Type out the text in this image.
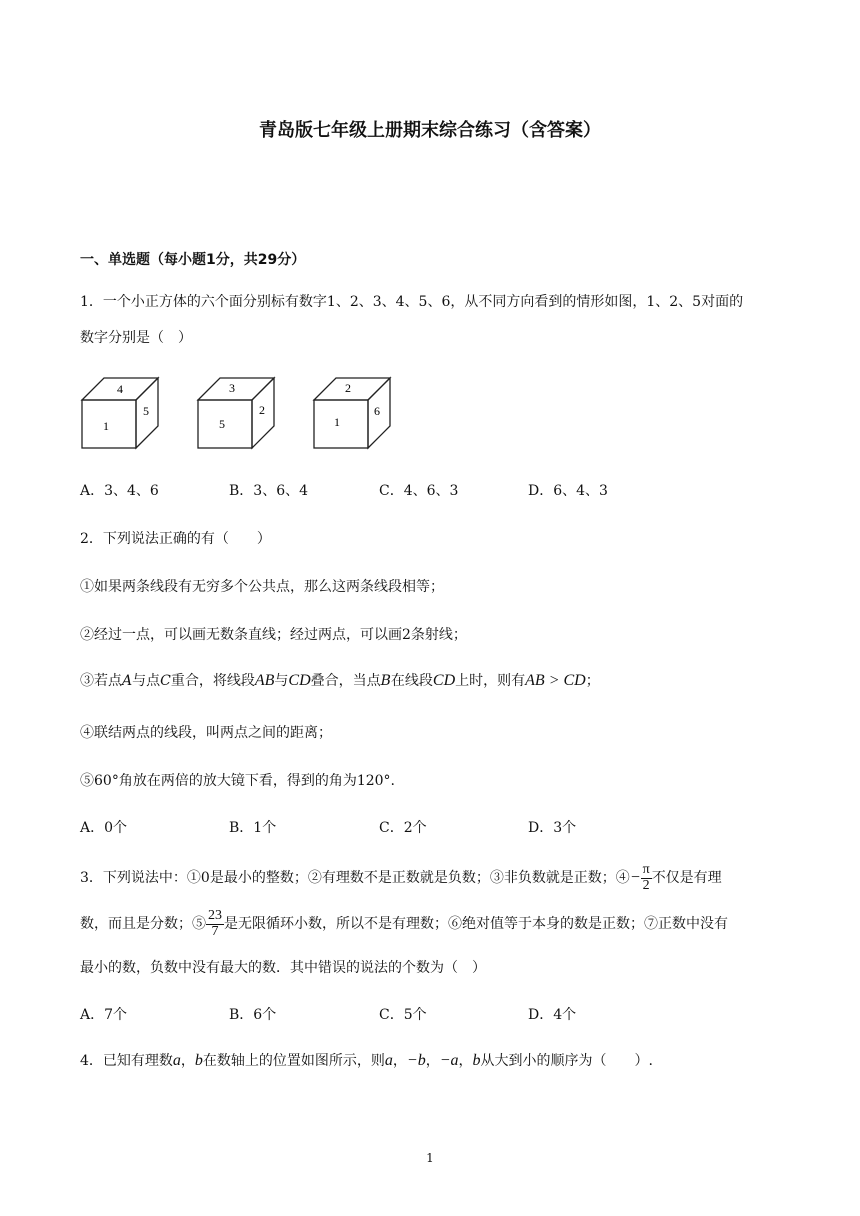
青岛版七年级上册期末综合练习（含答案）
一、单选题（每小题1分，共29分）
1．一个小正方体的六个面分别标有数字1、2、3、4、5、6，从不同方向看到的情形如图，1、2、5对面的
数字分别是（　）
4
1
5
3
5
2
2
1
6
A．3、4、6	B．3、6、4	C．4、6、3	D．6、4、3
2．下列说法正确的有（　　）
①如果两条线段有无穷多个公共点，那么这两条线段相等；
②经过一点，可以画无数条直线；经过两点，可以画2条射线；
③若点A与点C重合，将线段AB与CD叠合，当点B在线段CD上时，则有AB > CD；
④联结两点的线段，叫两点之间的距离；
⑤60°角放在两倍的放大镜下看，得到的角为120°.
A．0个	B．1个	C．2个	D．3个
3．下列说法中：①0是最小的整数；②有理数不是正数就是负数；③非负数就是正数；④− $\frac{\pi}{2}$ 不仅是有理
数，而且是分数；⑤ $\frac{23}{7}$ 是无限循环小数，所以不是有理数；⑥绝对值等于本身的数是正数；⑦正数中没有
最小的数，负数中没有最大的数．其中错误的说法的个数为（　）
A．7个	B．6个	C．5个	D．4个
4．已知有理数a，b在数轴上的位置如图所示，则a，−b，−a，b从大到小的顺序为（　　）.
1
